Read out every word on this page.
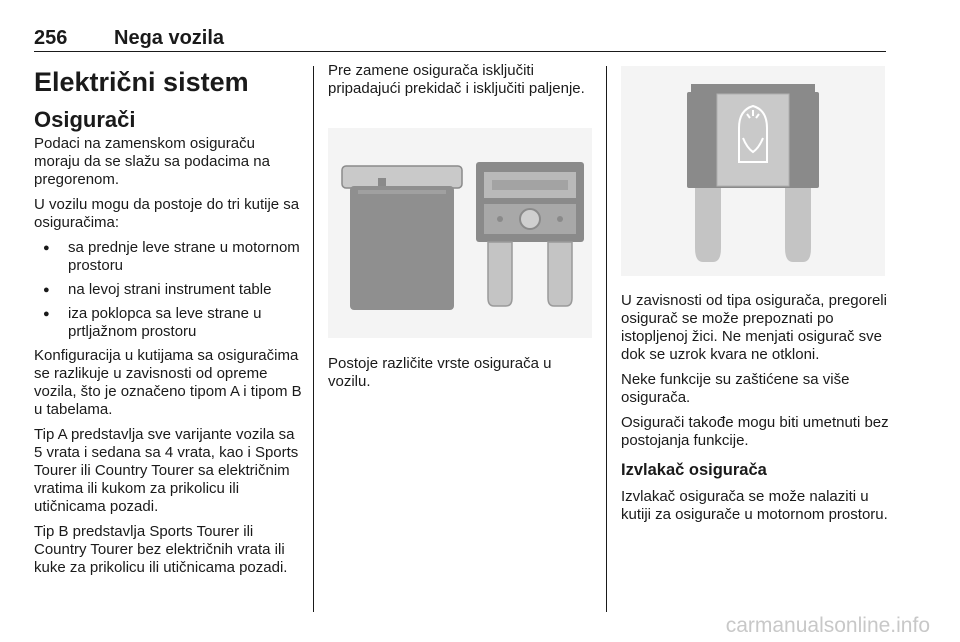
256 Nega vozila
Električni sistem
Osigurači

Podaci na zamenskom osiguraču moraju da se slažu sa podacima na pregorenom.

U vozilu mogu da postoje do tri kutije sa osiguračima:

● sa prednje leve strane u motornom prostoru
● na levoj strani instrument table
● iza poklopca sa leve strane u prtljažnom prostoru

Konfiguracija u kutijama sa osiguračima se razlikuje u zavisnosti od opreme vozila, što je označeno tipom A i tipom B u tabelama.

Tip A predstavlja sve varijante vozila sa 5 vrata i sedana sa 4 vrata, kao i Sports Tourer ili Country Tourer sa električnim vratima ili kukom za prikolicu ili utičnicama pozadi.

Tip B predstavlja Sports Tourer ili Country Tourer bez električnih vrata ili kuke za prikolicu ili utičnicama pozadi.

Pre zamene osigurača isključiti pripadajući prekidač i isključiti paljenje.

Postoje različite vrste osigurača u vozilu.

U zavisnosti od tipa osigurača, pregoreli osigurač se može prepoznati po istopljenoj žici. Ne menjati osigurač sve dok se uzrok kvara ne otkloni.

Neke funkcije su zaštićene sa više osigurača.

Osigurači takođe mogu biti umetnuti bez postojanja funkcije.

Izvlakač osigurača

Izvlakač osigurača se može nalaziti u kutiji za osigurače u motornom prostoru.

carmanualsonline.info
